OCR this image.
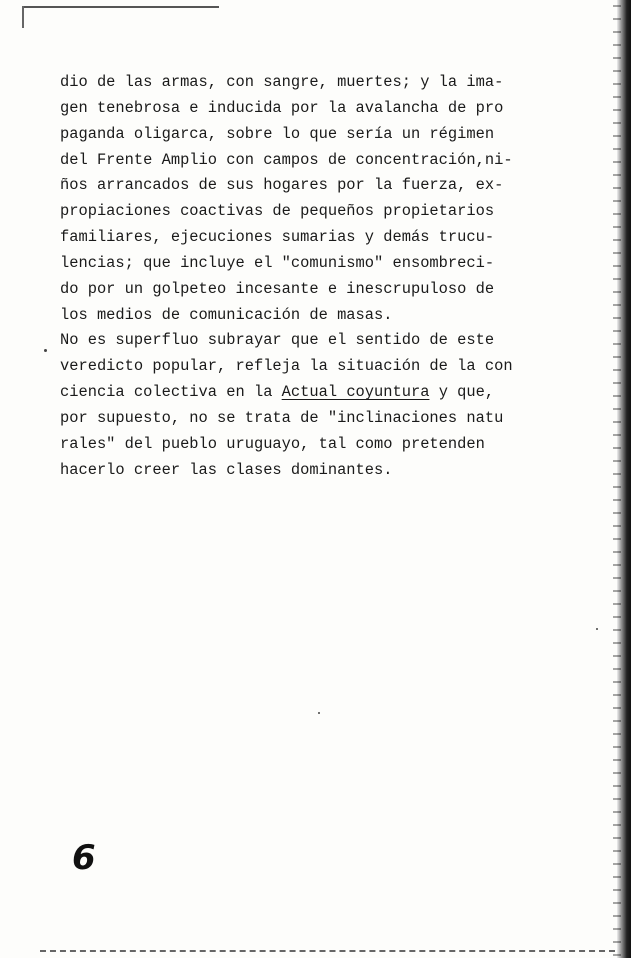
dio de las armas, con sangre, muertes; y la ima-
gen tenebrosa e inducida por la avalancha de pro
paganda oligarca, sobre lo que sería un régimen
del Frente Amplio con campos de concentración,ni-
ños arrancados de sus hogares por la fuerza, ex-
propiaciones coactivas de pequeños propietarios
familiares, ejecuciones sumarias y demás trucu-
lencias; que incluye el "comunismo" ensombreci-
do por un golpeteo incesante e inescrupuloso de
los medios de comunicación de masas.
No es superfluo subrayar que el sentido de este
veredicto popular, refleja la situación de la con
ciencia colectiva en la Actual coyuntura y que,
por supuesto, no se trata de "inclinaciones natu
rales" del pueblo uruguayo, tal como pretenden
hacerlo creer las clases dominantes.

6
